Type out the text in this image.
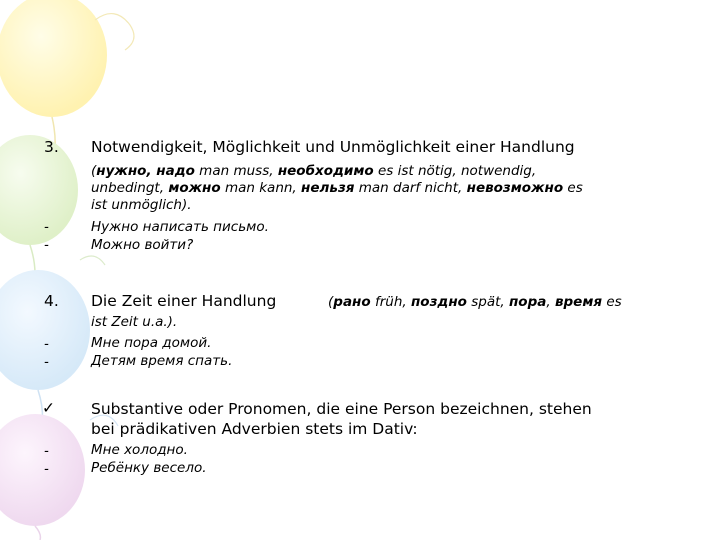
3. Notwendigkeit, Möglichkeit und Unmöglichkeit einer Handlung
(нужно, надо man muss, необходимо es ist nötig, notwendig,
unbedingt, можно man kann, нельзя man darf nicht, невозможно es
ist unmöglich).
-	Нужно написать письмо.
-	Можно войти?
4. Die Zeit einer Handlung	(рано früh, поздно spät, пора, время es
ist Zeit u.a.).
-	Мне пора домой.
-	Детям время спать.
✓ Substantive oder Pronomen, die eine Person bezeichnen, stehen
bei prädikativen Adverbien stets im Dativ:
-	Мне холодно.
-	Ребёнку весело.
